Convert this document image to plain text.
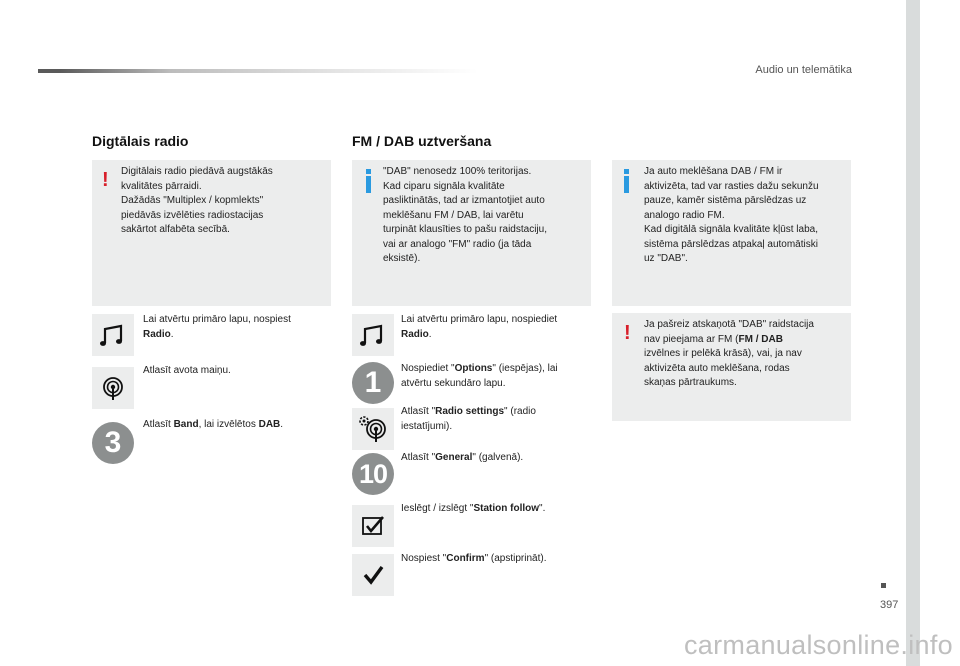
Audio un telemātika
Digtālais radio
! Digitālais radio piedāvā augstākās
kvalitātes pārraidi.
Dažādās "Multiplex / kopmlekts"
piedāvās izvēlēties radiostacijas
sakārtot alfabēta secībā.
Lai atvērtu primāro lapu, nospiest Radio.
Atlasīt avota maiņu.
3
Atlasīt Band, lai izvēlētos DAB.
FM / DAB uztveršana
"DAB" nenosedz 100% teritorijas.
Kad ciparu signāla kvalitāte
pasliktinātās, tad ar izmantotjiet auto
meklēšanu FM / DAB, lai varētu
turpināt klausīties to pašu raidstaciju,
vai ar analogo "FM" radio (ja tāda
eksistē).
Lai atvērtu primāro lapu, nospiediet Radio.
1	Nospiediet "Options" (iespējas), lai atvērtu sekundāro lapu.
Atlasīt "Radio settings" (radio iestatījumi).
10
Atlasīt "General" (galvenā).
Ieslēgt / izslēgt "Station follow".
Nospiest "Confirm" (apstiprināt).
Ja auto meklēšana DAB / FM ir
aktivizēta, tad var rasties dažu sekunžu
pauze, kamēr sistēma pārslēdzas uz
analogo radio FM.
Kad digitālā signāla kvalitāte kļūst laba,
sistēma pārslēdzas atpakaļ automātiski
uz "DAB".
! Ja pašreiz atskaņotā "DAB" raidstacija
nav pieejama ar FM (FM / DAB
izvēlnes ir pelēkā krāsā), vai, ja nav
aktivizēta auto meklēšana, rodas
skaņas pārtraukums.
397
carmanualsonline.info
